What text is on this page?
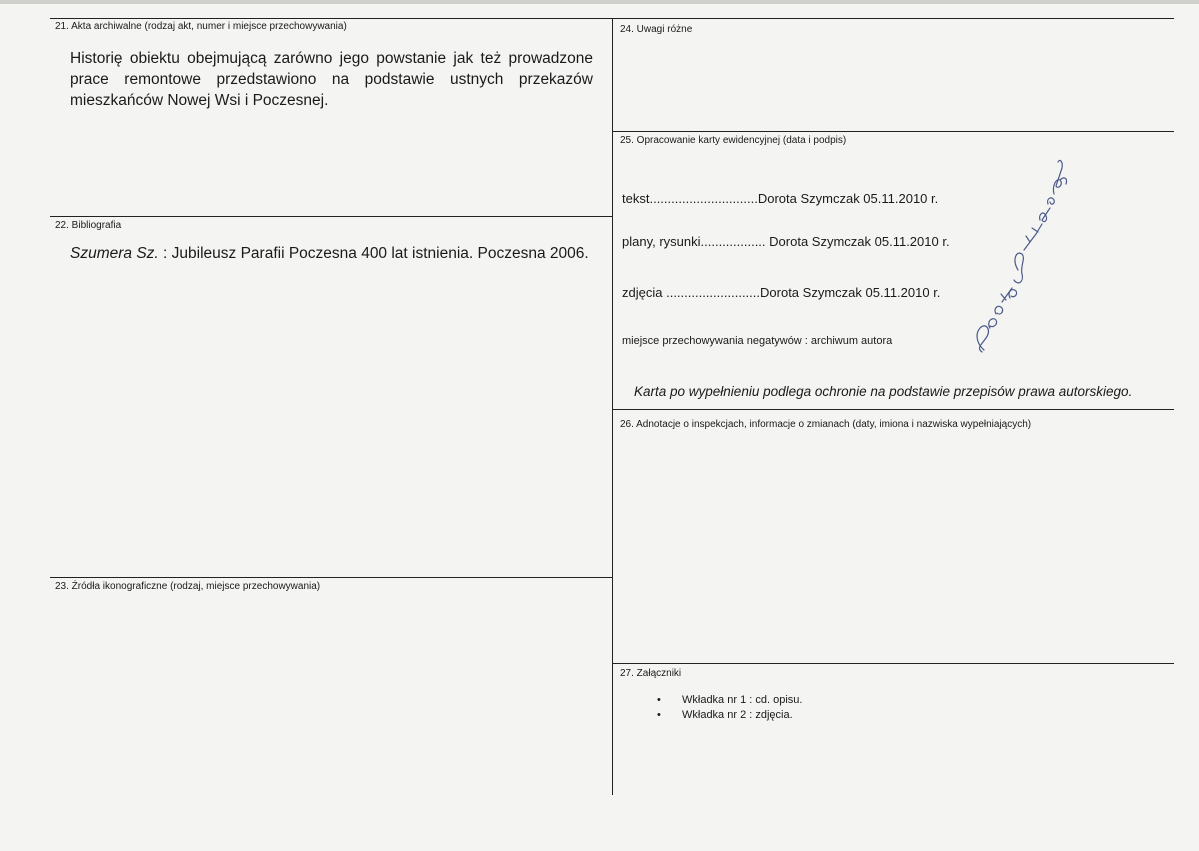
21. Akta archiwalne (rodzaj akt, numer i miejsce przechowywania)
Historię obiektu obejmującą zarówno jego powstanie jak też prowadzone prace remontowe przedstawiono na podstawie ustnych przekazów mieszkańców Nowej Wsi i Poczesnej.
22. Bibliografia
Szumera Sz. : Jubileusz Parafii Poczesna 400 lat istnienia. Poczesna 2006.
23. Źródła ikonograficzne (rodzaj, miejsce przechowywania)
24. Uwagi różne
25. Opracowanie karty ewidencyjnej (data i podpis)
tekst..............................Dorota Szymczak 05.11.2010 r.
plany, rysunki.................. Dorota Szymczak 05.11.2010 r.
zdjęcia ..........................Dorota Szymczak 05.11.2010 r.
miejsce przechowywania negatywów : archiwum autora
Karta po wypełnieniu podlega ochronie na podstawie przepisów prawa autorskiego.
26. Adnotacje o inspekcjach, informacje o zmianach (daty, imiona i nazwiska wypełniających)
27. Załączniki
• Wkładka nr 1 : cd. opisu.
• Wkładka nr 2 : zdjęcia.
